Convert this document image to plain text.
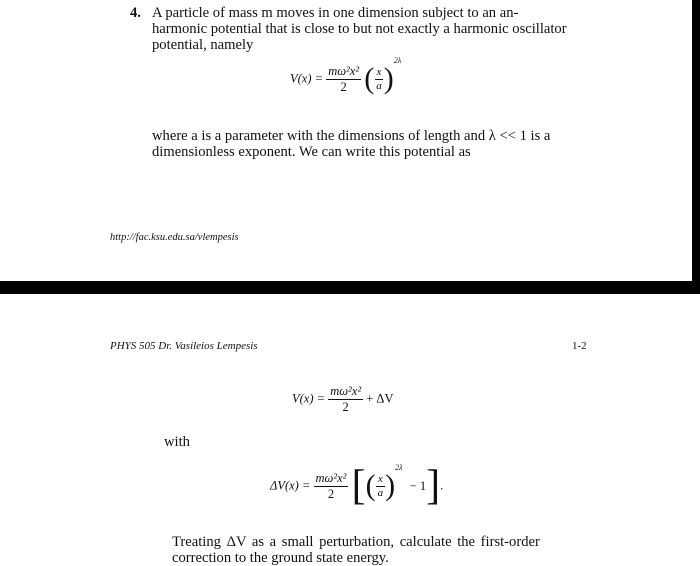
4. A particle of mass m moves in one dimension subject to an an-
harmonic potential that is close to but not exactly a harmonic oscillator
potential, namely
$V(x) = \frac{\text{mω²x²}}{2}$ ( $\frac{x}{a} )^{2\lambda}$
where a is a parameter with the dimensions of length and λ << 1 is a
dimensionless exponent. We can write this potential as
http://fac.ksu.edu.sa/vlempesis
PHYS 505 Dr. Vasileios Lempesis	1-2
$V(x) = \frac{\text{mω²x²}}{2} + \Delta V$
with
$\Delta V(x) = \frac{\text{mω²x²}}{2}$ [( $\frac{x}{a} )^{2\lambda} - 1$].
Treating ΔV as a small perturbation, calculate the first-order
correction to the ground state energy.
